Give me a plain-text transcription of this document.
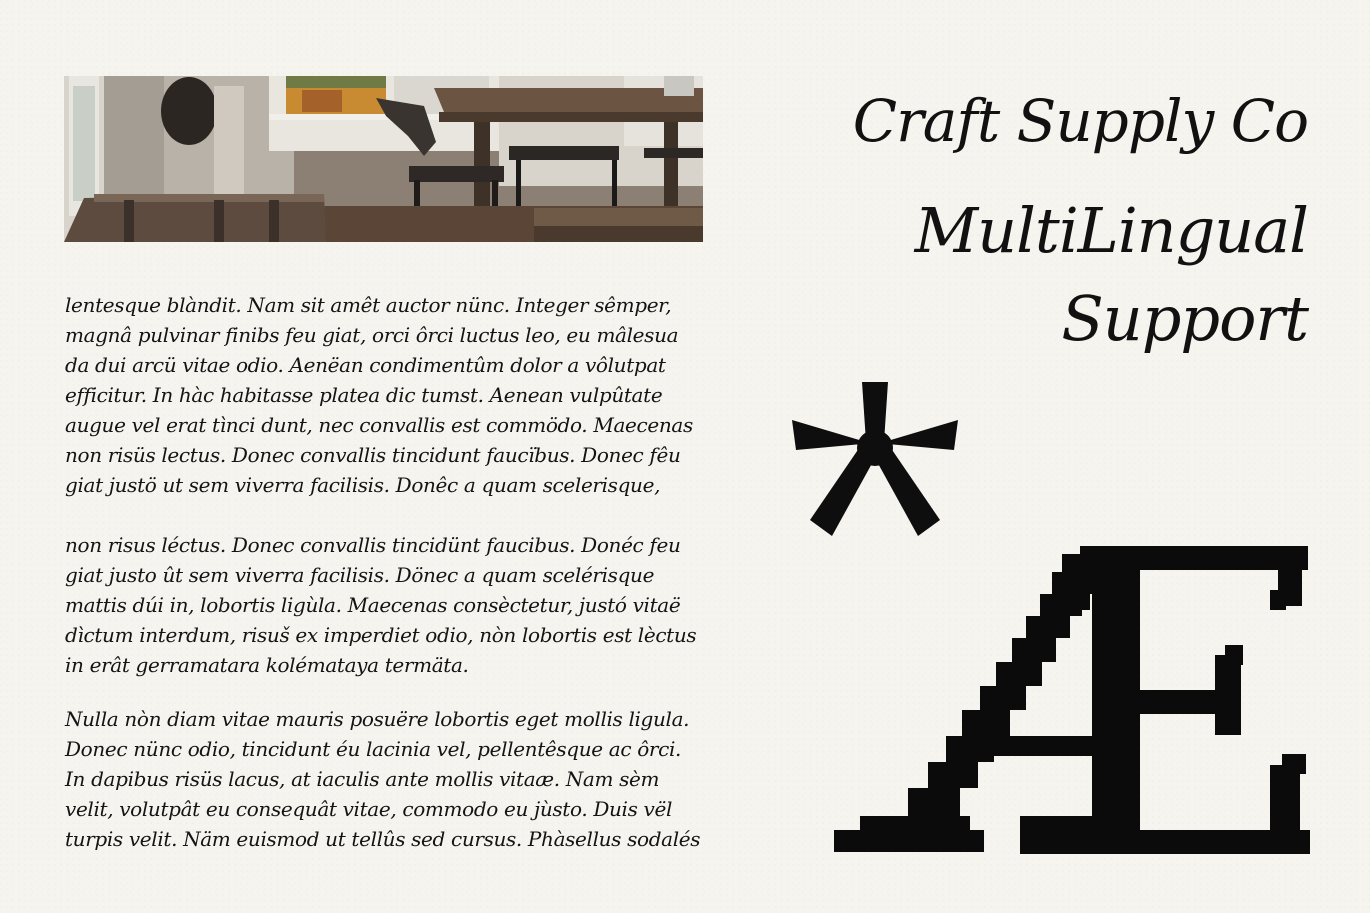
lentesque blàndit. Nam sit amêt auctor nünc. Integer sêmper,
magnâ pulvinar finibs feu giat, orci ôrci luctus leo, eu mâlesua
da dui arcü vitae odio. Aenëan condimentûm dolor a vôlutpat
efficitur. In hàc habitasse platea dic tumst. Aenean vulpûtate
augue vel erat tìnci dunt, nec convallis est commödo. Maecenas
non risüs lectus. Donec convallis tincidunt faucïbus. Donec fêu
giat justö ut sem viverra facilisis. Donêc a quam scelerisque,

non risus léctus. Donec convallis tincidünt faucibus. Donéc feu
giat justo ût sem viverra facilisis. Dönec a quam scelérisque
mattis dúi in, lobortis ligùla. Maecenas consèctetur, justó vitaë
dìctum interdum, risuš ex imperdiet odio, nòn lobortis est lèctus
in erât gerramatara kolémataya termäta.

Nulla nòn diam vitae mauris posuëre lobortis eget mollis ligula.
Donec nünc odio, tincidunt éu lacinia vel, pellentêsque ac ôrci.
In dapibus risüs lacus, at iaculis ante mollis vitaæ. Nam sèm
velit, volutpât eu consequât vitae, commodo eu jùsto. Duis vël
turpis velit. Näm euismod ut tellûs sed cursus. Phàsellus sodalés

Craft Supply Co
MultiLingual
Support
